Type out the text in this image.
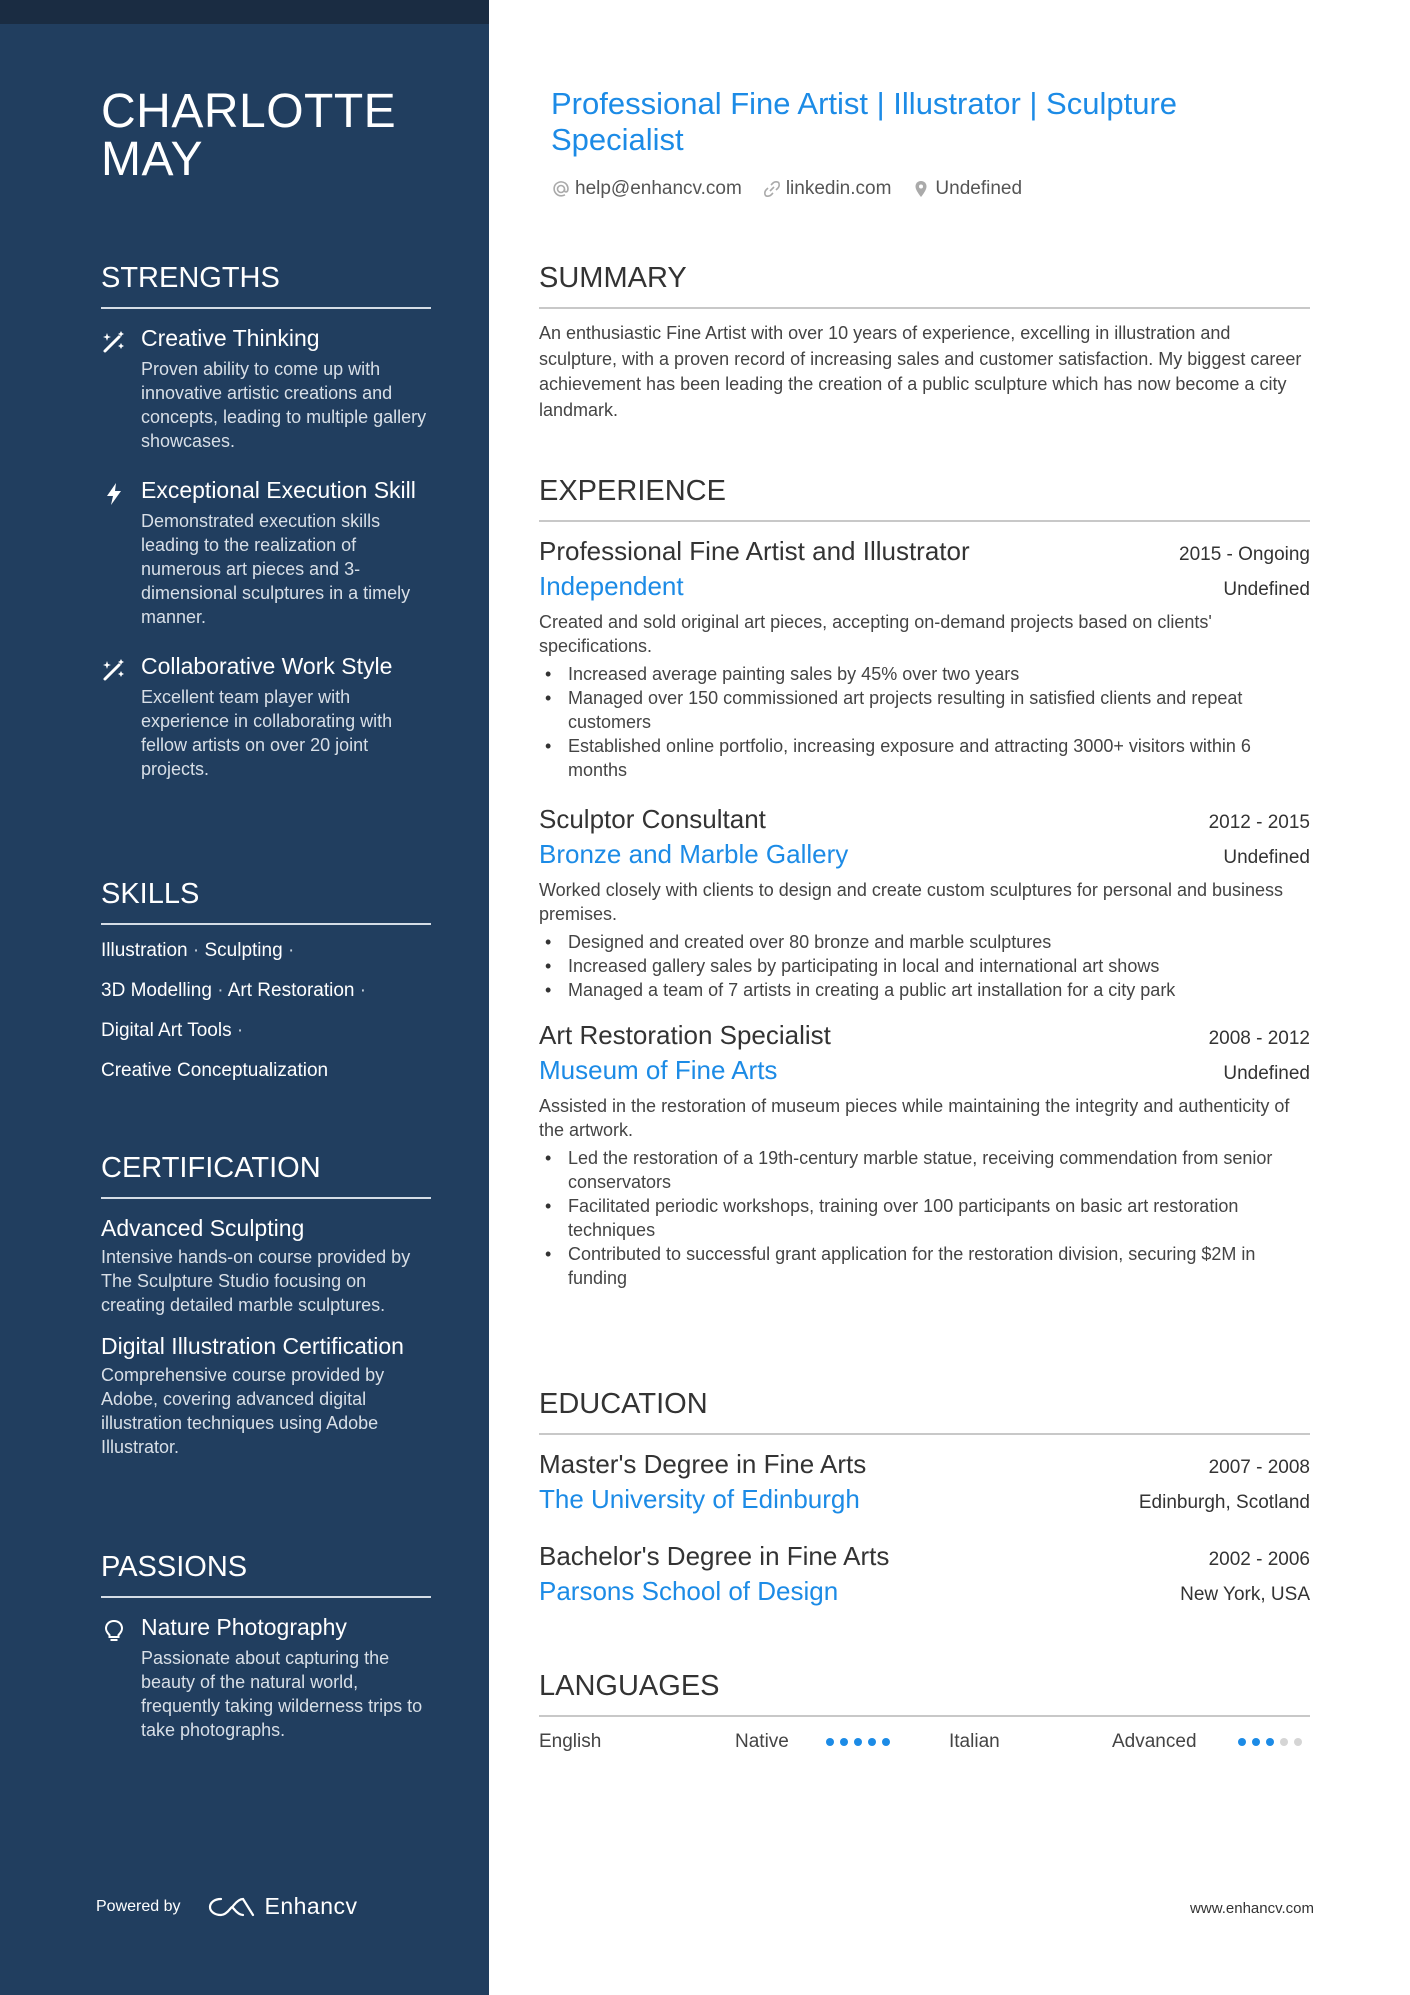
CHARLOTTE
MAY
STRENGTHS
Creative Thinking
Proven ability to come up with innovative artistic creations and concepts, leading to multiple gallery showcases.
Exceptional Execution Skill
Demonstrated execution skills leading to the realization of numerous art pieces and 3-dimensional sculptures in a timely manner.
Collaborative Work Style
Excellent team player with experience in collaborating with fellow artists on over 20 joint projects.
SKILLS
Illustration · Sculpting ·
3D Modelling · Art Restoration ·
Digital Art Tools ·
Creative Conceptualization
CERTIFICATION
Advanced Sculpting
Intensive hands-on course provided by The Sculpture Studio focusing on creating detailed marble sculptures.
Digital Illustration Certification
Comprehensive course provided by Adobe, covering advanced digital illustration techniques using Adobe Illustrator.
PASSIONS
Nature Photography
Passionate about capturing the beauty of the natural world, frequently taking wilderness trips to take photographs.
Powered by	Enhancv
Professional Fine Artist | Illustrator | Sculpture Specialist
help@enhancv.com linkedin.com Undefined
SUMMARY
An enthusiastic Fine Artist with over 10 years of experience, excelling in illustration and sculpture, with a proven record of increasing sales and customer satisfaction. My biggest career achievement has been leading the creation of a public sculpture which has now become a city landmark.
EXPERIENCE
Professional Fine Artist and Illustrator	2015 - Ongoing
Independent	Undefined
Created and sold original art pieces, accepting on-demand projects based on clients' specifications.
• Increased average painting sales by 45% over two years
• Managed over 150 commissioned art projects resulting in satisfied clients and repeat customers
• Established online portfolio, increasing exposure and attracting 3000+ visitors within 6 months
Sculptor Consultant	2012 - 2015
Bronze and Marble Gallery	Undefined
Worked closely with clients to design and create custom sculptures for personal and business premises.
• Designed and created over 80 bronze and marble sculptures
• Increased gallery sales by participating in local and international art shows
• Managed a team of 7 artists in creating a public art installation for a city park
Art Restoration Specialist	2008 - 2012
Museum of Fine Arts	Undefined
Assisted in the restoration of museum pieces while maintaining the integrity and authenticity of the artwork.
• Led the restoration of a 19th-century marble statue, receiving commendation from senior conservators
• Facilitated periodic workshops, training over 100 participants on basic art restoration techniques
• Contributed to successful grant application for the restoration division, securing $2M in funding
EDUCATION
Master's Degree in Fine Arts	2007 - 2008
The University of Edinburgh	Edinburgh, Scotland
Bachelor's Degree in Fine Arts	2002 - 2006
Parsons School of Design	New York, USA
LANGUAGES
English	Native	Italian	Advanced
www.enhancv.com
